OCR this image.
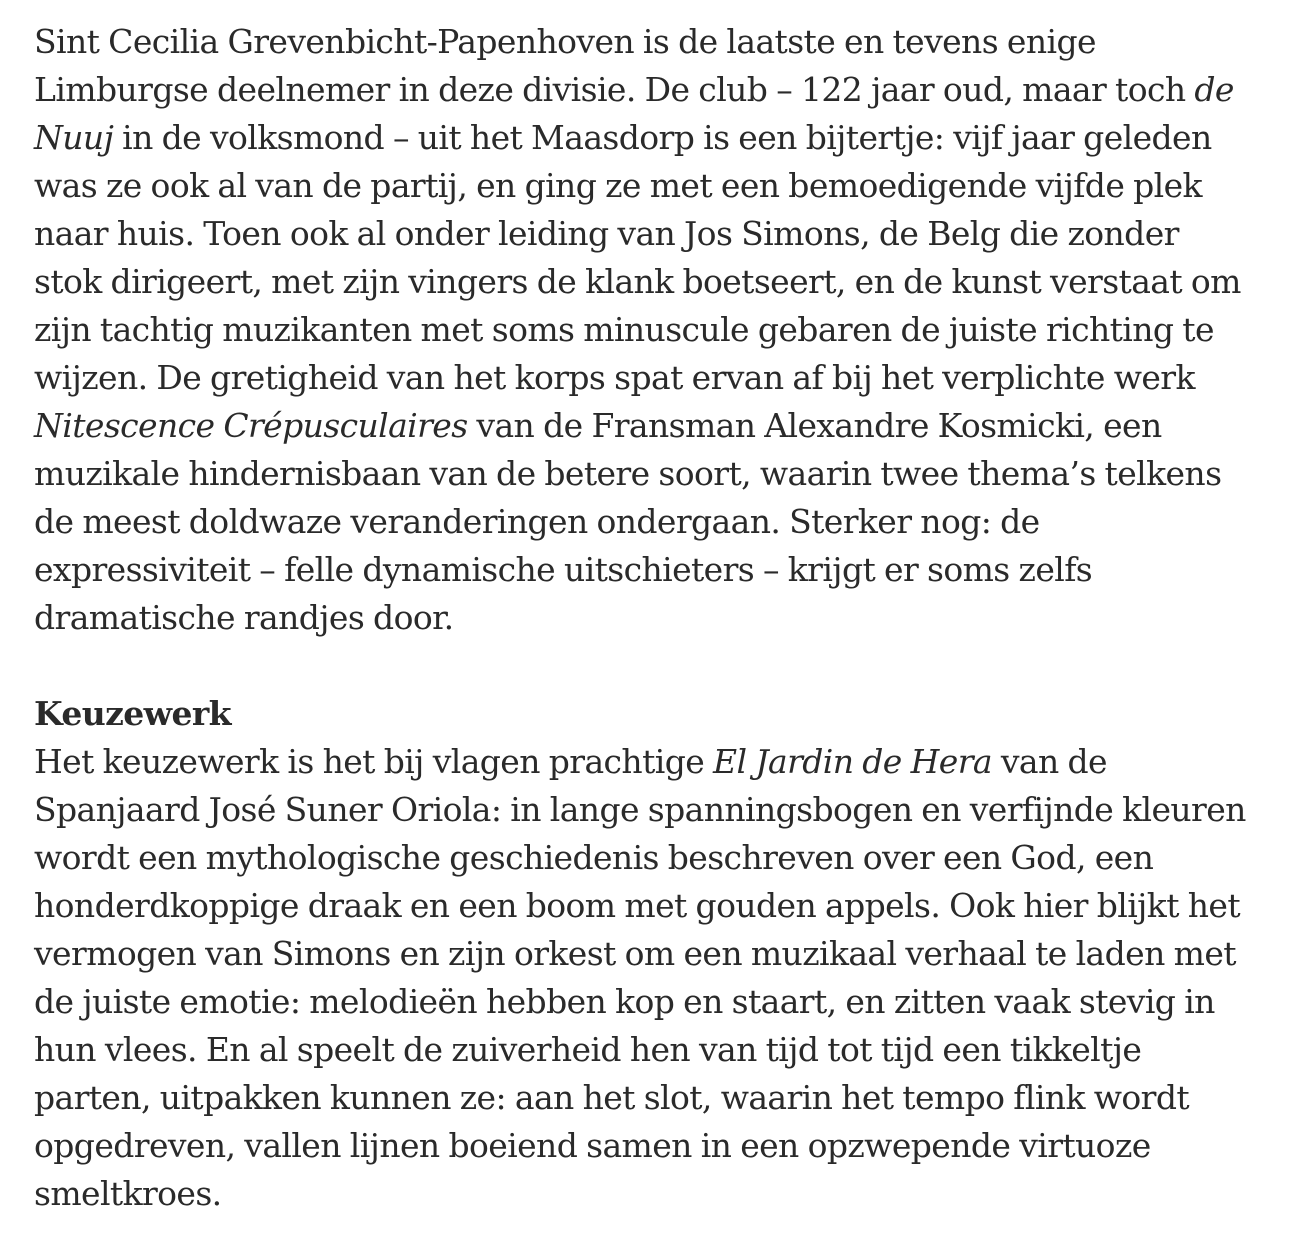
Sint Cecilia Grevenbicht-Papenhoven is de laatste en tevens enige
Limburgse deelnemer in deze divisie. De club – 122 jaar oud, maar toch de
Nuuj in de volksmond – uit het Maasdorp is een bijtertje: vijf jaar geleden
was ze ook al van de partij, en ging ze met een bemoedigende vijfde plek
naar huis. Toen ook al onder leiding van Jos Simons, de Belg die zonder
stok dirigeert, met zijn vingers de klank boetseert, en de kunst verstaat om
zijn tachtig muzikanten met soms minuscule gebaren de juiste richting te
wijzen. De gretigheid van het korps spat ervan af bij het verplichte werk
Nitescence Crépusculaires van de Fransman Alexandre Kosmicki, een
muzikale hindernisbaan van de betere soort, waarin twee thema’s telkens
de meest doldwaze veranderingen ondergaan. Sterker nog: de
expressiviteit – felle dynamische uitschieters – krijgt er soms zelfs
dramatische randjes door.

Keuzewerk

Het keuzewerk is het bij vlagen prachtige El Jardin de Hera van de
Spanjaard José Suner Oriola: in lange spanningsbogen en verfijnde kleuren
wordt een mythologische geschiedenis beschreven over een God, een
honderdkoppige draak en een boom met gouden appels. Ook hier blijkt het
vermogen van Simons en zijn orkest om een muzikaal verhaal te laden met
de juiste emotie: melodieën hebben kop en staart, en zitten vaak stevig in
hun vlees. En al speelt de zuiverheid hen van tijd tot tijd een tikkeltje
parten, uitpakken kunnen ze: aan het slot, waarin het tempo flink wordt
opgedreven, vallen lijnen boeiend samen in een opzwepende virtuoze
smeltkroes.
